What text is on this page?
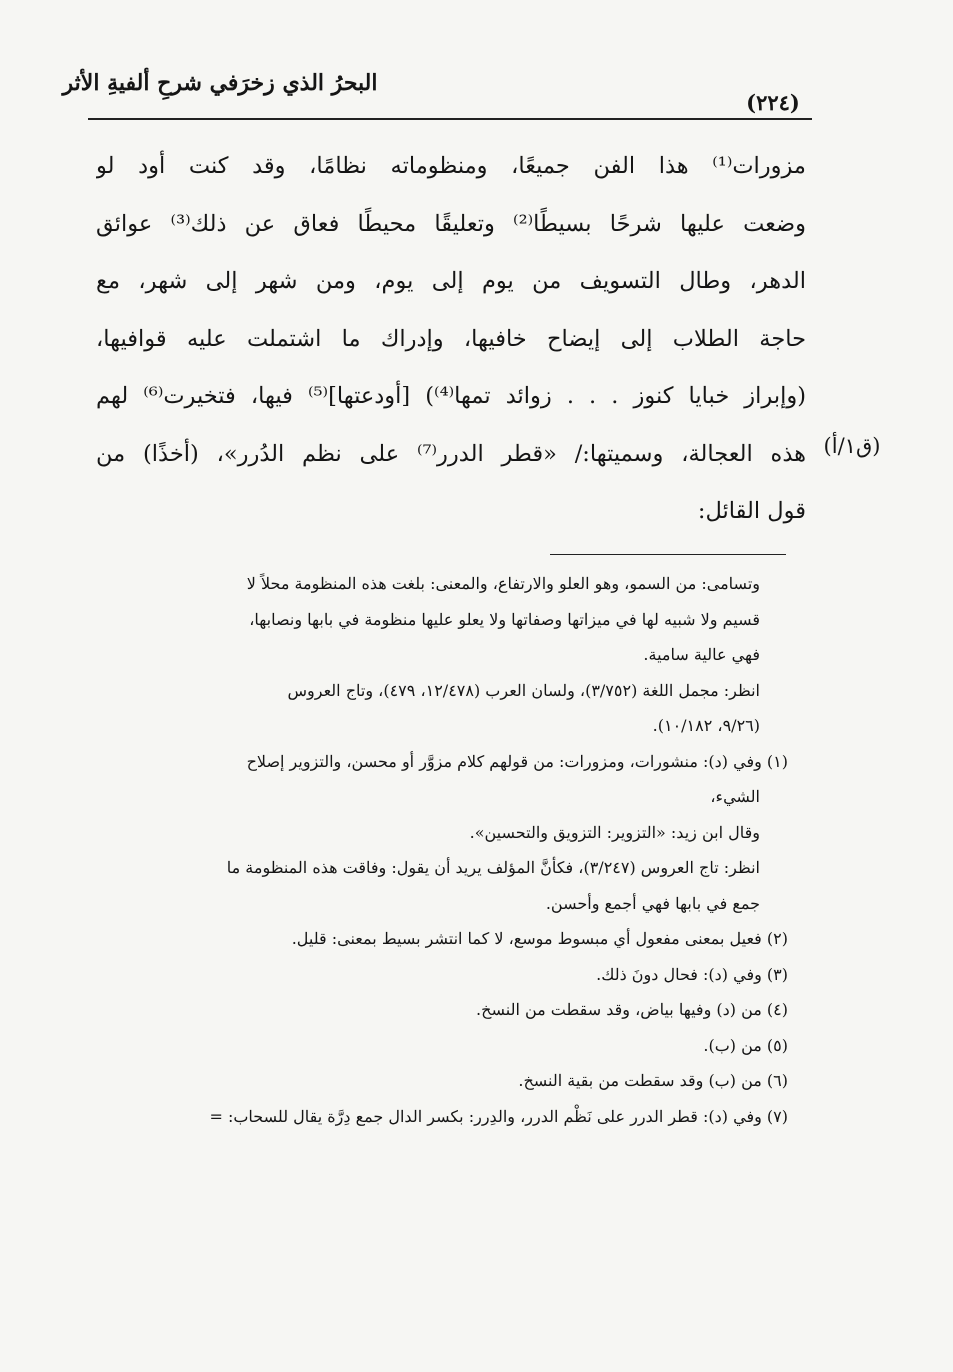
البحرُ الذي زخرَفي شرحِ ألفيةِ الأثر
(٢٢٤)
(ق١/أ)
مزورات⁽¹⁾ هذا الفن جميعًا، ومنظوماته نظامًا، وقد كنت أود لو
وضعت عليها شرحًا بسيطًا⁽²⁾ وتعليقًا محيطًا فعاق عن ذلك⁽³⁾ عوائق
الدهر، وطال التسويف من يوم إلى يوم، ومن شهر إلى شهر، مع
حاجة الطلاب إلى إيضاح خافيها، وإدراك ما اشتملت عليه قوافيها،
(وإبراز خبايا كنوز . . . زوائد تمها⁽⁴⁾) [أودعتها]⁽⁵⁾ فيها، فتخيرت⁽⁶⁾ لهم
هذه العجالة، وسميتها:/ «قطر الدرر⁽⁷⁾ على نظم الدُرر»، (أخذًا) من
قول القائل:
وتسامى: من السمو، وهو العلو والارتفاع، والمعنى: بلغت هذه المنظومة محلاً لا
قسيم ولا شبيه لها في ميزاتها وصفاتها ولا يعلو عليها منظومة في بابها ونصابها،
فهي عالية سامية.
انظر: مجمل اللغة (٣/٧٥٢)، ولسان العرب (١٢/٤٧٨، ٤٧٩)، وتاج العروس
(٩/٢٦، ١٠/١٨٢).
(١) وفي (د): منشورات، ومزورات: من قولهم كلام مزوَّر أو محسن، والتزوير إصلاح
الشيء،
وقال ابن زيد: «التزوير: التزويق والتحسين».
انظر: تاج العروس (٣/٢٤٧)، فكأنَّ المؤلف يريد أن يقول: وفاقت هذه المنظومة ما
جمع في بابها فهي أجمع وأحسن.
(٢) فعيل بمعنى مفعول أي مبسوط موسع، لا كما انتشر بسيط بمعنى: قليل.
(٣) وفي (د): فحال دونَ ذلك.
(٤) من (د) وفيها بياض، وقد سقطت من النسخ.
(٥) من (ب).
(٦) من (ب) وقد سقطت من بقية النسخ.
(٧) وفي (د): قطر الدرر على نَظْم الدرر، والدِرر: بكسر الدال جمع دِرَّة يقال للسحاب: =
